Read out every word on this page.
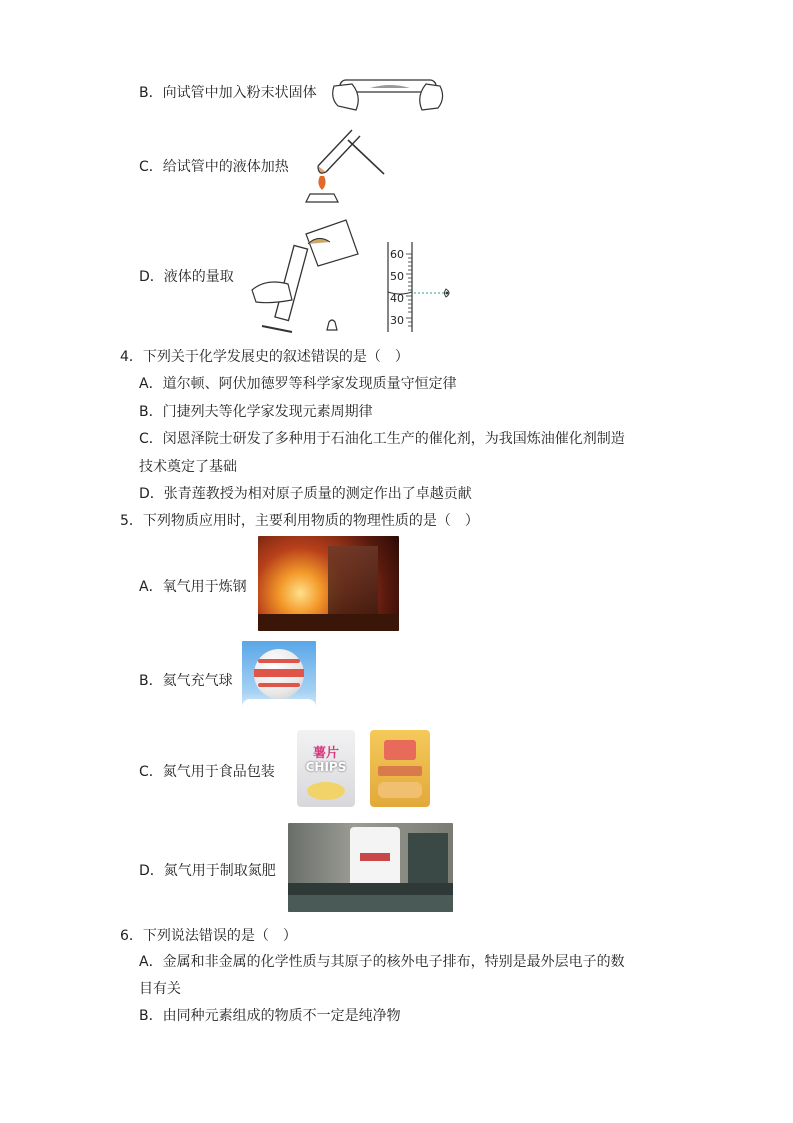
B．向试管中加入粉末状固体
C．给试管中的液体加热
D．液体的量取
60
50
40
30
4．下列关于化学发展史的叙述错误的是（　）
A．道尔顿、阿伏加德罗等科学家发现质量守恒定律
B．门捷列夫等化学家发现元素周期律
C．闵恩泽院士研发了多种用于石油化工生产的催化剂，为我国炼油催化剂制造
技术奠定了基础
D．张青莲教授为相对原子质量的测定作出了卓越贡献
5．下列物质应用时，主要利用物质的物理性质的是（　）
A．氧气用于炼钢
B．氦气充气球
C．氮气用于食品包装
薯片
CHIPS
D．氮气用于制取氮肥
6．下列说法错误的是（　）
A．金属和非金属的化学性质与其原子的核外电子排布，特别是最外层电子的数
目有关
B．由同种元素组成的物质不一定是纯净物
